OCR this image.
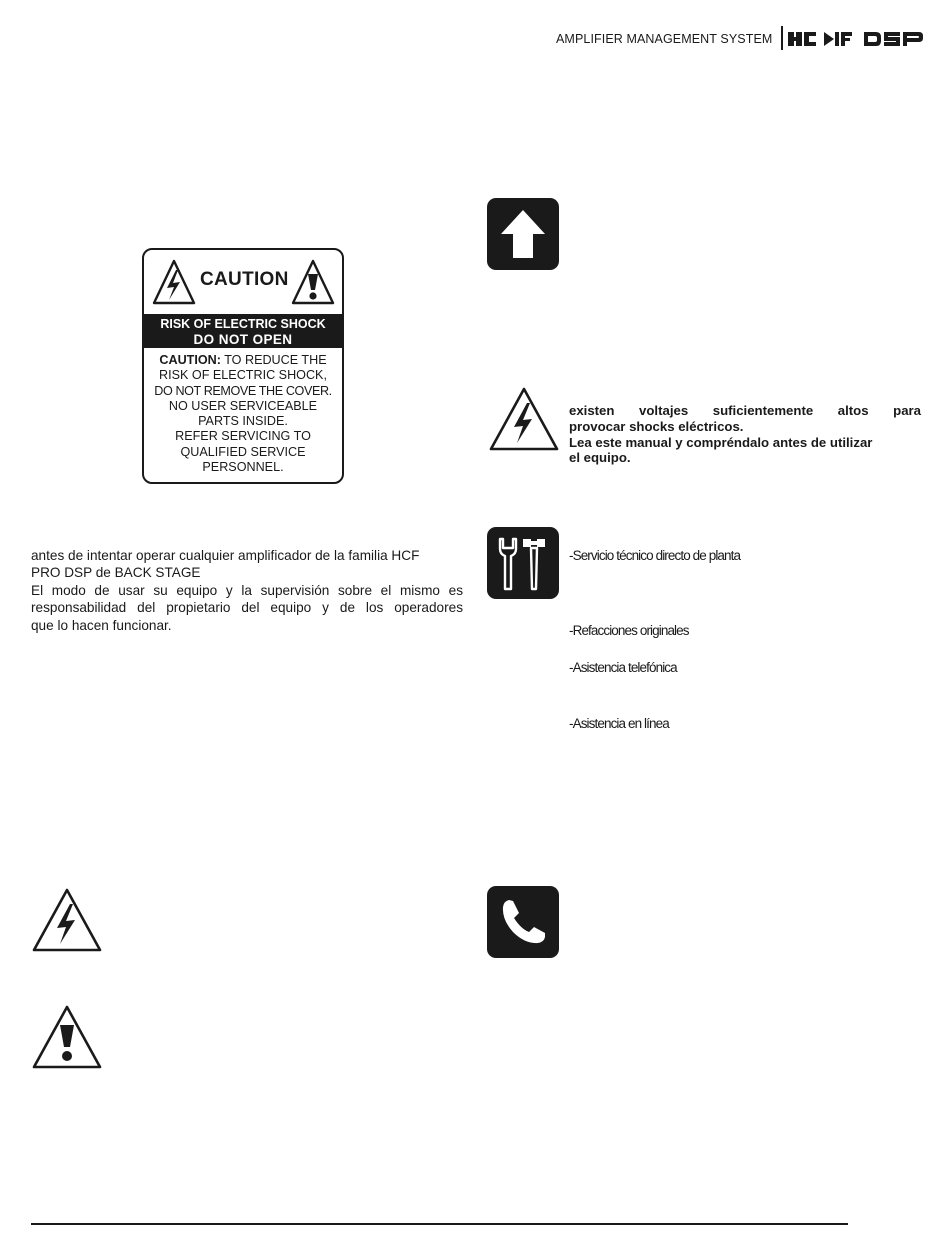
AMPLIFIER MANAGEMENT SYSTEM
CAUTION
RISK OF ELECTRIC SHOCK
DO NOT OPEN
CAUTION: TO REDUCE THE
RISK OF ELECTRIC SHOCK,
DO NOT REMOVE THE COVER.
NO USER SERVICEABLE
PARTS INSIDE.
REFER SERVICING TO
QUALIFIED SERVICE
PERSONNEL.
antes de intentar operar cualquier amplificador de la familia HCF
PRO DSP de BACK STAGE
El modo de usar su equipo y la supervisión sobre el mismo es
responsabilidad del propietario del equipo y de los operadores
que lo hacen funcionar.
existen voltajes suficientemente altos para
provocar shocks eléctricos.
Lea este manual y compréndalo antes de utilizar
el equipo.
-Servicio técnico directo de planta
-Refacciones originales
-Asistencia telefónica
-Asistencia en línea
